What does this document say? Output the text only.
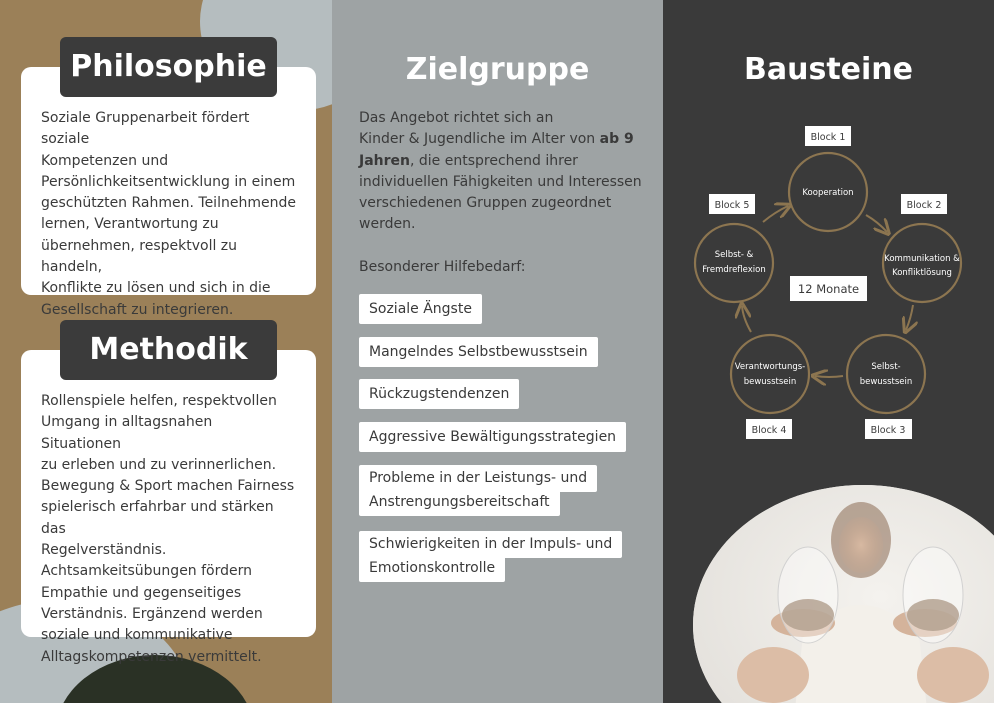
Soziale Gruppenarbeit fördert soziale
Kompetenzen und
Persönlichkeitsentwicklung in einem
geschützten Rahmen. Teilnehmende
lernen, Verantwortung zu
übernehmen, respektvoll zu handeln,
Konflikte zu lösen und sich in die
Gesellschaft zu integrieren.
Philosophie
Rollenspiele helfen, respektvollen
Umgang in alltagsnahen Situationen
zu erleben und zu verinnerlichen.
Bewegung & Sport machen Fairness
spielerisch erfahrbar und stärken das
Regelverständnis.
Achtsamkeitsübungen fördern
Empathie und gegenseitiges
Verständnis. Ergänzend werden
soziale und kommunikative
Alltagskompetenzen vermittelt.
Methodik
Zielgruppe
Das Angebot richtet sich an
Kinder & Jugendliche im Alter von ab 9
Jahren, die entsprechend ihrer
individuellen Fähigkeiten und Interessen
verschiedenen Gruppen zugeordnet
werden.
Besonderer Hilfebedarf:
Soziale Ängste
Mangelndes Selbstbewusstsein
Rückzugstendenzen
Aggressive Bewältigungsstrategien
Probleme in der Leistungs- und
Anstrengungsbereitschaft
Schwierigkeiten in der Impuls- und
Emotionskontrolle
Bausteine
Kooperation
Kommunikation &
Konfliktlösung
Selbst-
bewusstsein
Verantwortungs-
bewusstsein
Selbst- &
Fremdreflexion
Block 1
Block 2
Block 3
Block 4
Block 5
12 Monate
